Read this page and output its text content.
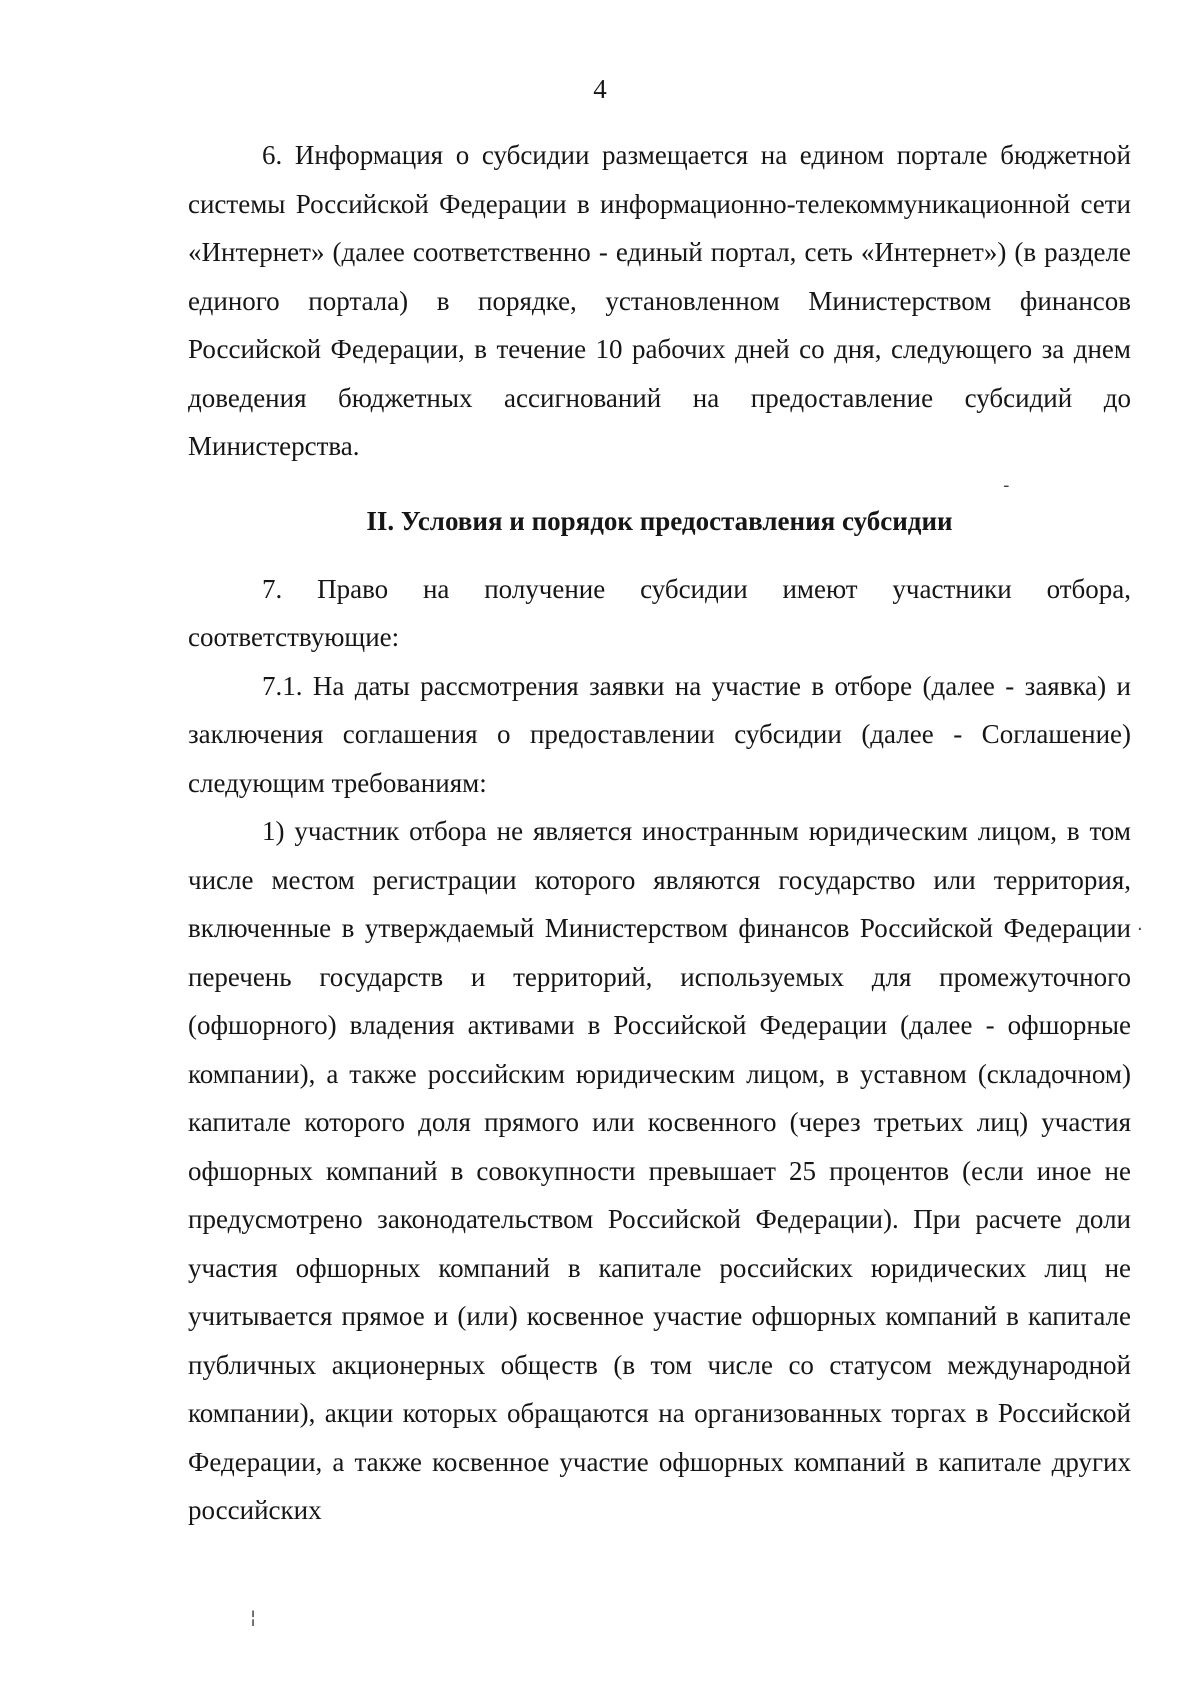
4

6. Информация о субсидии размещается на едином портале бюджетной системы Российской Федерации в информационно-телекоммуникационной сети «Интернет» (далее соответственно - единый портал, сеть «Интернет») (в разделе единого портала) в порядке, установленном Министерством финансов Российской Федерации, в течение 10 рабочих дней со дня, следующего за днем доведения бюджетных ассигнований на предоставление субсидий до Министерства.

II. Условия и порядок предоставления субсидии

7. Право на получение субсидии имеют участники отбора, соответствующие:

7.1. На даты рассмотрения заявки на участие в отборе (далее - заявка) и заключения соглашения о предоставлении субсидии (далее - Соглашение) следующим требованиям:

1) участник отбора не является иностранным юридическим лицом, в том числе местом регистрации которого являются государство или территория, включенные в утверждаемый Министерством финансов Российской Федерации перечень государств и территорий, используемых для промежуточного (офшорного) владения активами в Российской Федерации (далее - офшорные компании), а также российским юридическим лицом, в уставном (складочном) капитале которого доля прямого или косвенного (через третьих лиц) участия офшорных компаний в совокупности превышает 25 процентов (если иное не предусмотрено законодательством Российской Федерации). При расчете доли участия офшорных компаний в капитале российских юридических лиц не учитывается прямое и (или) косвенное участие офшорных компаний в капитале публичных акционерных обществ (в том числе со статусом международной компании), акции которых обращаются на организованных торгах в Российской Федерации, а также косвенное участие офшорных компаний в капитале других российских

-
.
¦
